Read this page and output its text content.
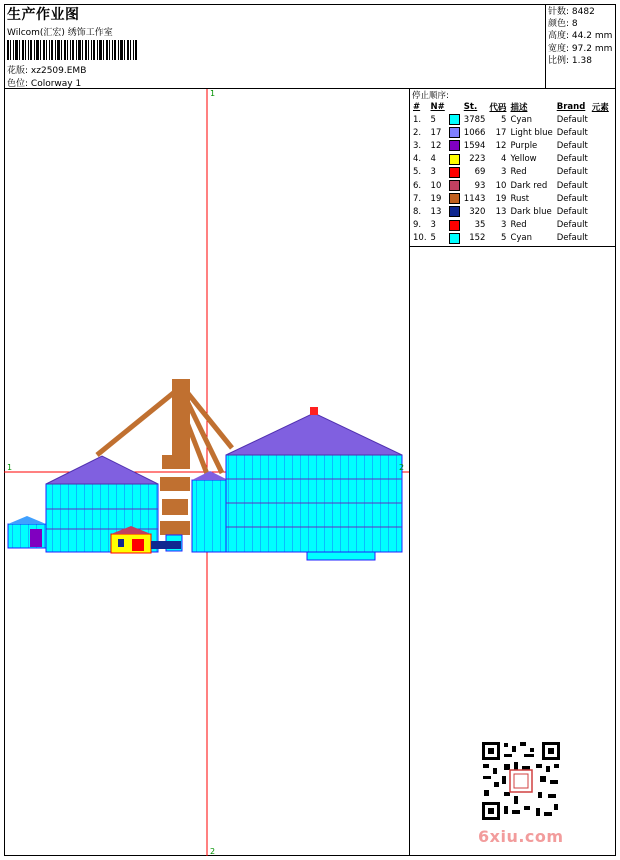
生产作业图
Wilcom(汇宏) 绣饰工作室
花版: xz2509.EMB
色位: Colorway 1
针数: 8482
颜色: 8
高度: 44.2 mm
宽度: 97.2 mm
比例: 1.38
1
2
1	2
停止顺序:
#	N#		St.	代码	描述	Brand	元素
1.	5		3785	5	Cyan	Default	
2.	17		1066	17	Light blue	Default	
3.	12		1594	12	Purple	Default	
4.	4		223	4	Yellow	Default	
5.	3		69	3	Red	Default	
6.	10		93	10	Dark red	Default	
7.	19		1143	19	Rust	Default	
8.	13		320	13	Dark blue	Default	
9.	3		35	3	Red	Default	
10.	5		152	5	Cyan	Default	
6xiu.com
